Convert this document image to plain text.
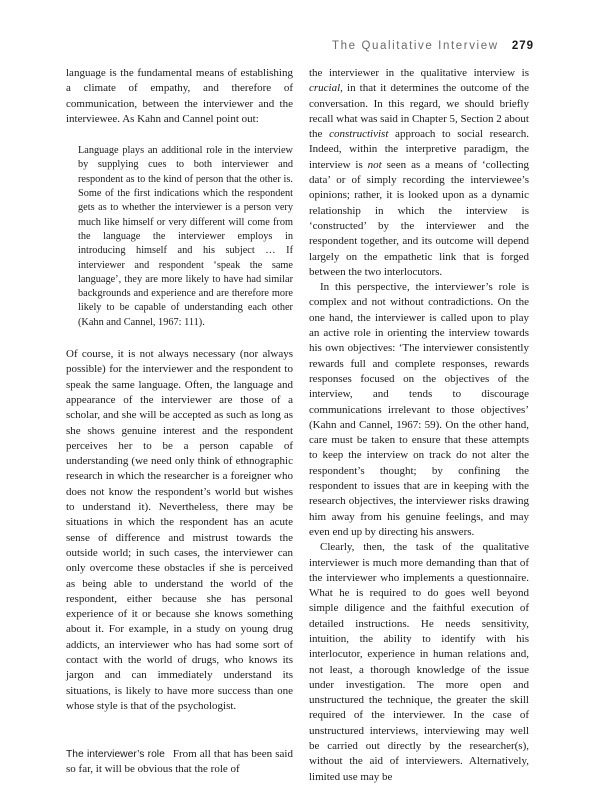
The Qualitative Interview 279

language is the fundamental means of establishing a climate of empathy, and therefore of communication, between the interviewer and the interviewee. As Kahn and Cannel point out:

Language plays an additional role in the interview by supplying cues to both interviewer and respondent as to the kind of person that the other is. Some of the first indications which the respondent gets as to whether the interviewer is a person very much like himself or very different will come from the language the interviewer employs in introducing himself and his subject … If interviewer and respondent ‘speak the same language’, they are more likely to have had similar backgrounds and experience and are therefore more likely to be capable of understanding each other (Kahn and Cannel, 1967: 111).

Of course, it is not always necessary (nor always possible) for the interviewer and the respondent to speak the same language. Often, the language and appearance of the interviewer are those of a scholar, and she will be accepted as such as long as she shows genuine interest and the respondent perceives her to be a person capable of understanding (we need only think of ethnographic research in which the researcher is a foreigner who does not know the respondent’s world but wishes to understand it). Nevertheless, there may be situations in which the respondent has an acute sense of difference and mistrust towards the outside world; in such cases, the interviewer can only overcome these obstacles if she is perceived as being able to understand the world of the respondent, either because she has personal experience of it or because she knows something about it. For example, in a study on young drug addicts, an interviewer who has had some sort of contact with the world of drugs, who knows its jargon and can immediately understand its situations, is likely to have more success than one whose style is that of the psychologist.

The interviewer’s role From all that has been said so far, it will be obvious that the role of

the interviewer in the qualitative interview is crucial, in that it determines the outcome of the conversation. In this regard, we should briefly recall what was said in Chapter 5, Section 2 about the constructivist approach to social research. Indeed, within the interpretive paradigm, the interview is not seen as a means of ‘collecting data’ or of simply recording the interviewee’s opinions; rather, it is looked upon as a dynamic relationship in which the interview is ‘constructed’ by the interviewer and the respondent together, and its outcome will depend largely on the empathetic link that is forged between the two interlocutors.

In this perspective, the interviewer’s role is complex and not without contradictions. On the one hand, the interviewer is called upon to play an active role in orienting the interview towards his own objectives: ‘The interviewer consistently rewards full and complete responses, rewards responses focused on the objectives of the interview, and tends to discourage communications irrelevant to those objectives’ (Kahn and Cannel, 1967: 59). On the other hand, care must be taken to ensure that these attempts to keep the interview on track do not alter the respondent’s thought; by confining the respondent to issues that are in keeping with the research objectives, the interviewer risks drawing him away from his genuine feelings, and may even end up by directing his answers.

Clearly, then, the task of the qualitative interviewer is much more demanding than that of the interviewer who implements a questionnaire. What he is required to do goes well beyond simple diligence and the faithful execution of detailed instructions. He needs sensitivity, intuition, the ability to identify with his interlocutor, experience in human relations and, not least, a thorough knowledge of the issue under investigation. The more open and unstructured the technique, the greater the skill required of the interviewer. In the case of unstructured interviews, interviewing may well be carried out directly by the researcher(s), without the aid of interviewers. Alternatively, limited use may be
